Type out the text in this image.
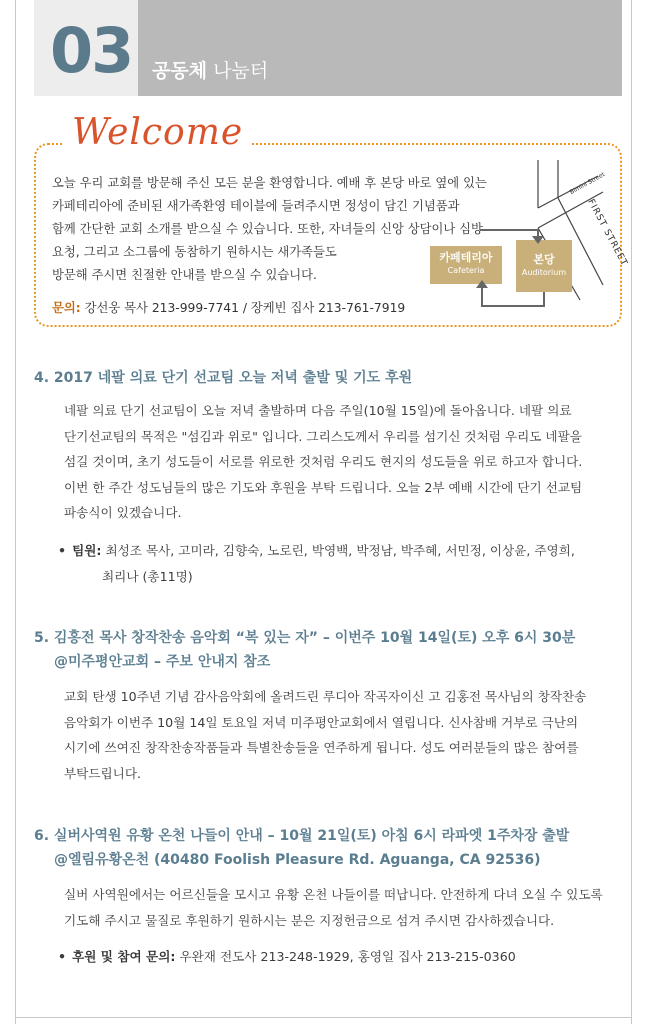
03 공동체 나눔터
Welcome
오늘 우리 교회를 방문해 주신 모든 분을 환영합니다. 예배 후 본당 바로 옆에 있는
카페테리아에 준비된 새가족환영 테이블에 들려주시면 정성이 담긴 기념품과
함께 간단한 교회 소개를 받으실 수 있습니다. 또한, 자녀들의 신앙 상담이나 심방
요청, 그리고 소그룹에 동참하기 원하시는 새가족들도
방문해 주시면 친절한 안내를 받으실 수 있습니다.
문의: 강선웅 목사 213-999-7741 / 장케빈 집사 213-761-7919
카페테리아
Cafeteria
본당
Auditorium
Bimini Street
FIRST STREET
4. 2017 네팔 의료 단기 선교팀 오늘 저녁 출발 및 기도 후원
네팔 의료 단기 선교팀이 오늘 저녁 출발하며 다음 주일(10월 15일)에 돌아옵니다. 네팔 의료
단기선교팀의 목적은 "섬김과 위로" 입니다. 그리스도께서 우리를 섬기신 것처럼 우리도 네팔을
섬길 것이며, 초기 성도들이 서로를 위로한 것처럼 우리도 현지의 성도들을 위로 하고자 합니다.
이번 한 주간 성도님들의 많은 기도와 후원을 부탁 드립니다. 오늘 2부 예배 시간에 단기 선교팀
파송식이 있겠습니다.
• 팀원: 최성조 목사, 고미라, 김향숙, 노로린, 박영백, 박정남, 박주혜, 서민정, 이상윤, 주영희,
최리나 (총11명)
5. 김홍전 목사 창작찬송 음악회 “복 있는 자” – 이번주 10월 14일(토) 오후 6시 30분
@미주평안교회 – 주보 안내지 참조
교회 탄생 10주년 기념 감사음악회에 올려드린 루디아 작곡자이신 고 김홍전 목사님의 창작찬송
음악회가 이번주 10월 14일 토요일 저녁 미주평안교회에서 열립니다. 신사참배 거부로 극난의
시기에 쓰여진 창작찬송작품들과 특별찬송들을 연주하게 됩니다. 성도 여러분들의 많은 참여를
부탁드립니다.
6. 실버사역원 유황 온천 나들이 안내 – 10월 21일(토) 아침 6시 라파엣 1주차장 출발
@엘림유황온천 (40480 Foolish Pleasure Rd. Aguanga, CA 92536)
실버 사역원에서는 어르신들을 모시고 유황 온천 나들이를 떠납니다. 안전하게 다녀 오실 수 있도록
기도해 주시고 물질로 후원하기 원하시는 분은 지정헌금으로 섬겨 주시면 감사하겠습니다.
• 후원 및 참여 문의: 우완재 전도사 213-248-1929, 홍영일 집사 213-215-0360
